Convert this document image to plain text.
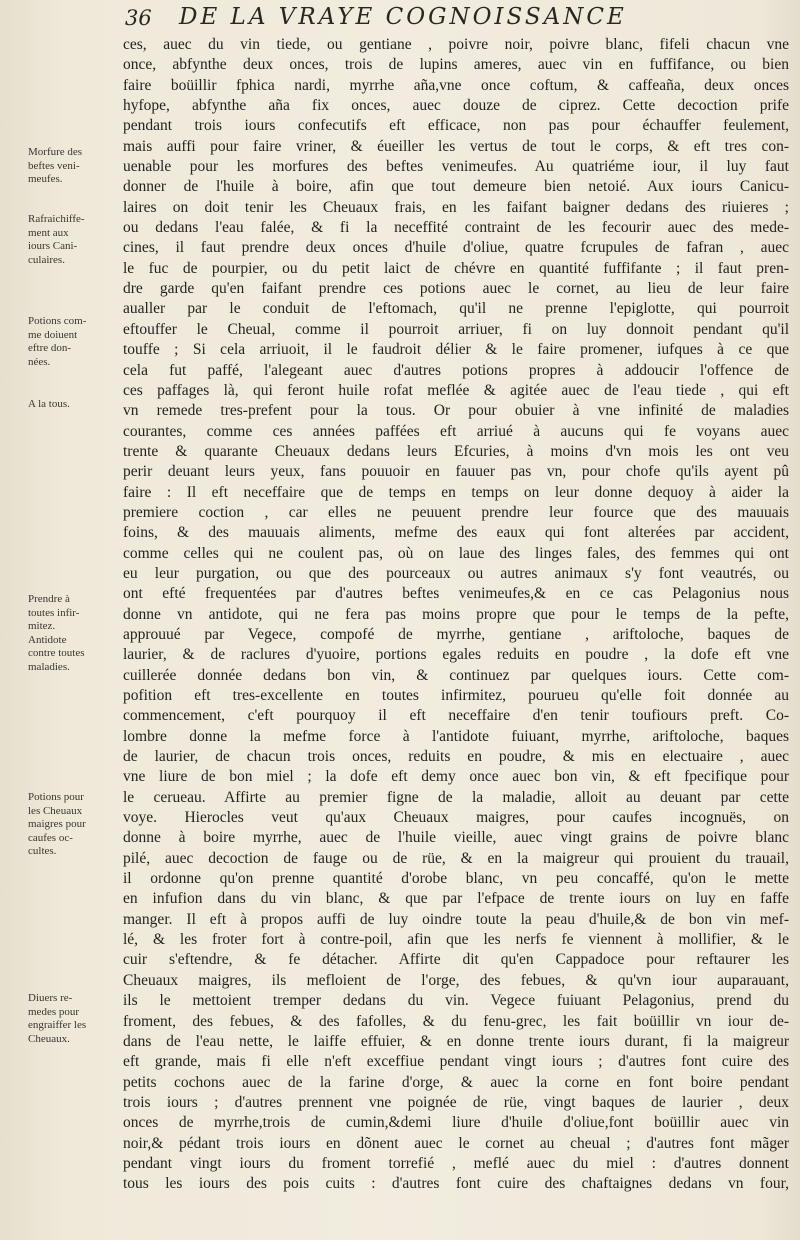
36 DE LA VRAYE COGNOISSANCE
Morfure des
beftes veni-
meufes.
Rafraichiffe-
ment aux
iours Cani-
culaires.
Potions com-
me doiuent
eftre don-
nées.
A la tous.
Prendre à
toutes infir-
mitez.
Antidote
contre toutes
maladies.
Potions pour
les Cheuaux
maigres pour
caufes oc-
cultes.
Diuers re-
medes pour
engraiffer les
Cheuaux.
ces, auec du vin tiede, ou gentiane , poivre noir, poivre blanc, fifeli chacun vne
once, abfynthe deux onces, trois de lupins ameres, auec vin en fuffifance, ou bien
faire boüillir fphica nardi, myrrhe aña,vne once coftum, & caffeaña, deux onces
hyfope, abfynthe aña fix onces, auec douze de ciprez. Cette decoction prife
pendant trois iours confecutifs eft efficace, non pas pour échauffer feulement,
mais auffi pour faire vriner, & éueiller les vertus de tout le corps, & eft tres con-
uenable pour les morfures des beftes venimeufes. Au quatriéme iour, il luy faut
donner de l'huile à boire, afin que tout demeure bien netoié. Aux iours Canicu-
laires on doit tenir les Cheuaux frais, en les faifant baigner dedans des riuieres ;
ou dedans l'eau falée, & fi la neceffité contraint de les fecourir auec des mede-
cines, il faut prendre deux onces d'huile d'oliue, quatre fcrupules de fafran , auec
le fuc de pourpier, ou du petit laict de chévre en quantité fuffifante ; il faut pren-
dre garde qu'en faifant prendre ces potions auec le cornet, au lieu de leur faire
aualler par le conduit de l'eftomach, qu'il ne prenne l'epiglotte, qui pourroit
eftouffer le Cheual, comme il pourroit arriuer, fi on luy donnoit pendant qu'il
touffe ; Si cela arriuoit, il le faudroit délier & le faire promener, iufques à ce que
cela fut paffé, l'alegeant auec d'autres potions propres à addoucir l'offence de
ces paffages là, qui feront huile rofat meflée & agitée auec de l'eau tiede , qui eft
vn remede tres-prefent pour la tous. Or pour obuier à vne infinité de maladies
courantes, comme ces années paffées eft arriué à aucuns qui fe voyans auec
trente & quarante Cheuaux dedans leurs Efcuries, à moins d'vn mois les ont veu
perir deuant leurs yeux, fans pouuoir en fauuer pas vn, pour chofe qu'ils ayent pû
faire : Il eft neceffaire que de temps en temps on leur donne dequoy à aider la
premiere coction , car elles ne peuuent prendre leur fource que des mauuais
foins, & des mauuais aliments, mefme des eaux qui font alterées par accident,
comme celles qui ne coulent pas, où on laue des linges fales, des femmes qui ont
eu leur purgation, ou que des pourceaux ou autres animaux s'y font veautrés, ou
ont efté frequentées par d'autres beftes venimeufes,& en ce cas Pelagonius nous
donne vn antidote, qui ne fera pas moins propre que pour le temps de la pefte,
approuué par Vegece, compofé de myrrhe, gentiane , ariftoloche, baques de
laurier, & de raclures d'yuoire, portions egales reduits en poudre , la dofe eft vne
cuillerée donnée dedans bon vin, & continuez par quelques iours. Cette com-
pofition eft tres-excellente en toutes infirmitez, pourueu qu'elle foit donnée au
commencement, c'eft pourquoy il eft neceffaire d'en tenir toufiours preft. Co-
lombre donne la mefme force à l'antidote fuiuant, myrrhe, ariftoloche, baques
de laurier, de chacun trois onces, reduits en poudre, & mis en electuaire , auec
vne liure de bon miel ; la dofe eft demy once auec bon vin, & eft fpecifique pour
le cerueau. Affirte au premier figne de la maladie, alloit au deuant par cette
voye. Hierocles veut qu'aux Cheuaux maigres, pour caufes incognuës, on
donne à boire myrrhe, auec de l'huile vieille, auec vingt grains de poivre blanc
pilé, auec decoction de fauge ou de rüe, & en la maigreur qui prouient du trauail,
il ordonne qu'on prenne quantité d'orobe blanc, vn peu concaffé, qu'on le mette
en infufion dans du vin blanc, & que par l'efpace de trente iours on luy en faffe
manger. Il eft à propos auffi de luy oindre toute la peau d'huile,& de bon vin mef-
lé, & les froter fort à contre-poil, afin que les nerfs fe viennent à mollifier, & le
cuir s'eftendre, & fe détacher. Affirte dit qu'en Cappadoce pour reftaurer les
Cheuaux maigres, ils mefloient de l'orge, des febues, & qu'vn iour auparauant,
ils le mettoient tremper dedans du vin. Vegece fuiuant Pelagonius, prend du
froment, des febues, & des fafolles, & du fenu-grec, les fait boüillir vn iour de-
dans de l'eau nette, le laiffe effuier, & en donne trente iours durant, fi la maigreur
eft grande, mais fi elle n'eft exceffiue pendant vingt iours ; d'autres font cuire des
petits cochons auec de la farine d'orge, & auec la corne en font boire pendant
trois iours ; d'autres prennent vne poignée de rüe, vingt baques de laurier , deux
onces de myrrhe,trois de cumin,&demi liure d'huile d'oliue,font boüillir auec vin
noir,& pédant trois iours en dõnent auec le cornet au cheual ; d'autres font mãger
pendant vingt iours du froment torrefié , meflé auec du miel : d'autres donnent
tous les iours des pois cuits : d'autres font cuire des chaftaignes dedans vn four,
